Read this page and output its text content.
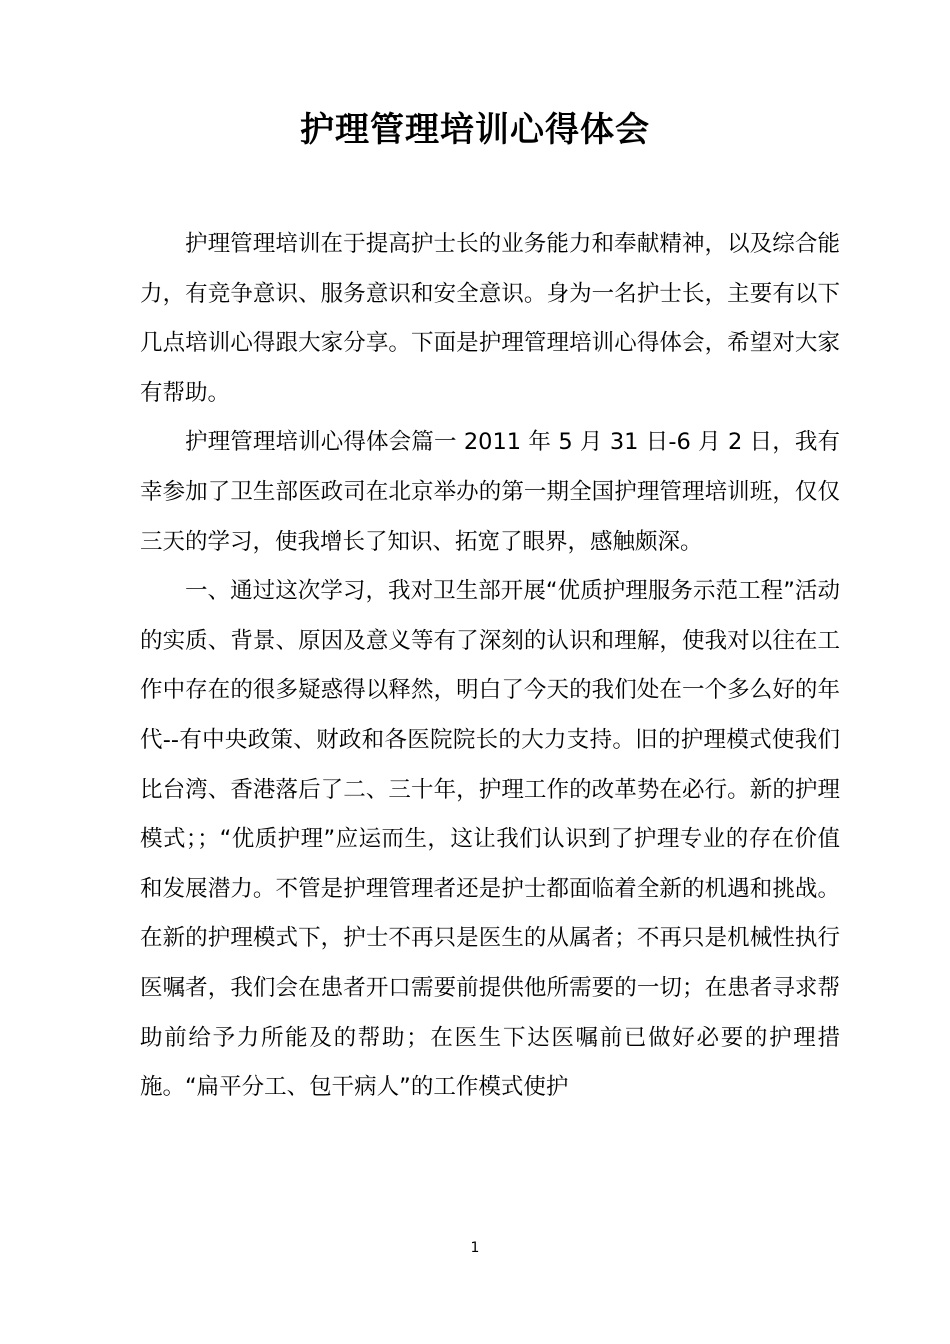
护理管理培训心得体会

护理管理培训在于提高护士长的业务能力和奉献精神，以及综合能力，有竞争意识、服务意识和安全意识。身为一名护士长，主要有以下几点培训心得跟大家分享。下面是护理管理培训心得体会，希望对大家有帮助。

护理管理培训心得体会篇一 2011 年 5 月 31 日-6 月 2 日，我有幸参加了卫生部医政司在北京举办的第一期全国护理管理培训班，仅仅三天的学习，使我增长了知识、拓宽了眼界，感触颇深。

一、通过这次学习，我对卫生部开展“优质护理服务示范工程”活动的实质、背景、原因及意义等有了深刻的认识和理解，使我对以往在工作中存在的很多疑惑得以释然，明白了今天的我们处在一个多么好的年代--有中央政策、财政和各医院院长的大力支持。旧的护理模式使我们比台湾、香港落后了二、三十年，护理工作的改革势在必行。新的护理模式；；“优质护理”应运而生，这让我们认识到了护理专业的存在价值和发展潜力。不管是护理管理者还是护士都面临着全新的机遇和挑战。在新的护理模式下，护士不再只是医生的从属者；不再只是机械性执行医嘱者，我们会在患者开口需要前提供他所需要的一切；在患者寻求帮助前给予力所能及的帮助；在医生下达医嘱前已做好必要的护理措施。“扁平分工、包干病人”的工作模式使护

1
